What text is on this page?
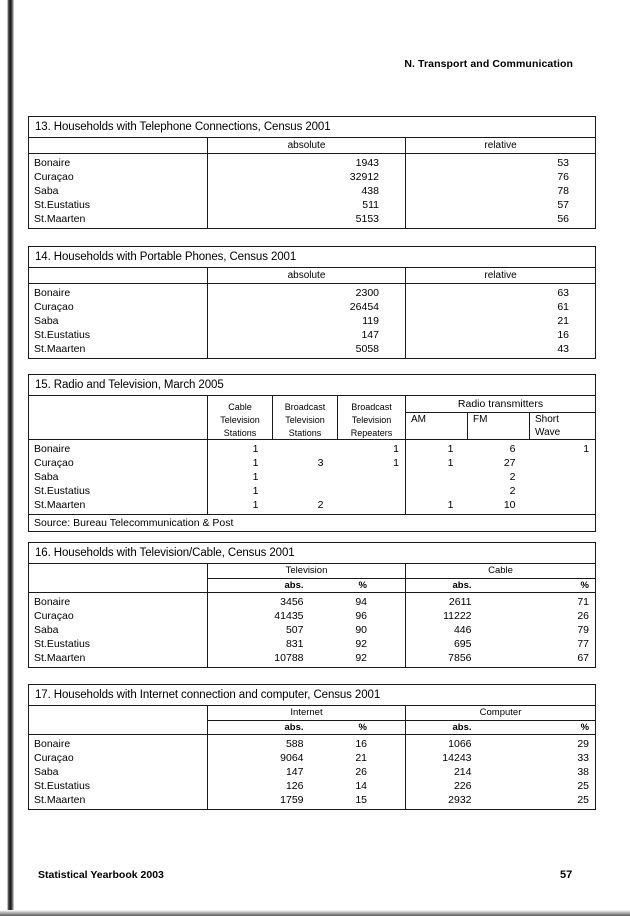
N. Transport and Communication
13. Households with Telephone Connections, Census 2001		
	absolute	relative
Bonaire	1943	53
Curaçao	32912	76
Saba	438	78
St.Eustatius	511	57
St.Maarten	5153	56
14. Households with Portable Phones, Census 2001		
	absolute	relative
Bonaire	2300	63
Curaçao	26454	61
Saba	119	21
St.Eustatius	147	16
St.Maarten	5058	43
15. Radio and Television, March 2005						
	Cable	Broadcast	Broadcast	Radio transmitters		
	Television	Television	Television	AM	FM	Short
	Stations	Stations	Repeaters			Wave
Bonaire	1		1	1	6	1
Curaçao	1	3	1	1	27	
Saba	1				2	
St.Eustatius	1				2	
St.Maarten	1	2		1	10	
Source: Bureau Telecommunication & Post						
16. Households with Television/Cable, Census 2001				
	Television		Cable	
	abs.	%	abs.	%
Bonaire	3456	94	2611	71
Curaçao	41435	96	11222	26
Saba	507	90	446	79
St.Eustatius	831	92	695	77
St.Maarten	10788	92	7856	67
17. Households with Internet connection and computer, Census 2001				
	Internet		Computer	
	abs.	%	abs.	%
Bonaire	588	16	1066	29
Curaçao	9064	21	14243	33
Saba	147	26	214	38
St.Eustatius	126	14	226	25
St.Maarten	1759	15	2932	25
Statistical Yearbook 2003	57
